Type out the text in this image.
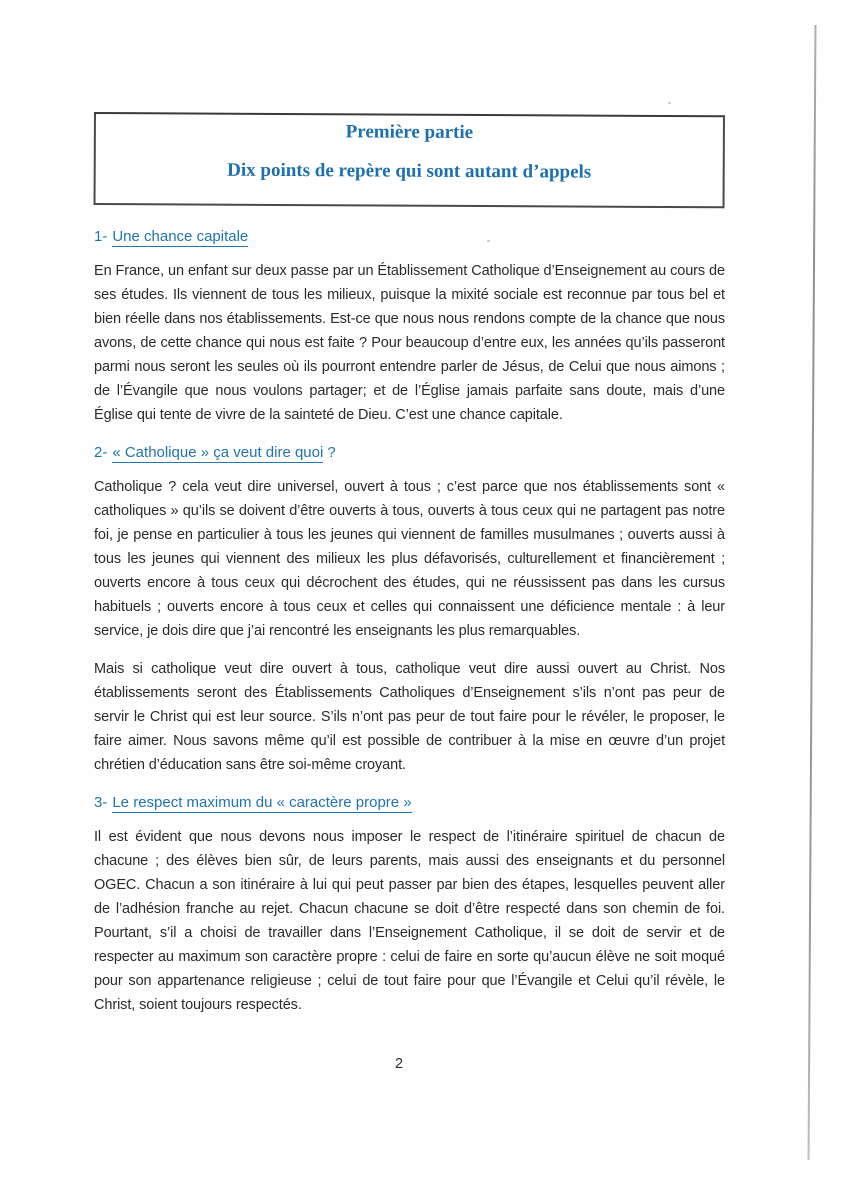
Première partie
Dix points de repère qui sont autant d’appels
1- Une chance capitale

En France, un enfant sur deux passe par un Établissement Catholique d’Enseignement au cours de ses études. Ils viennent de tous les milieux, puisque la mixité sociale est reconnue par tous bel et bien réelle dans nos établissements. Est-ce que nous nous rendons compte de la chance que nous avons, de cette chance qui nous est faite ? Pour beaucoup d’entre eux, les années qu’ils passeront parmi nous seront les seules où ils pourront entendre parler de Jésus, de Celui que nous aimons ; de l’Évangile que nous voulons partager; et de l’Église jamais parfaite sans doute, mais d’une Église qui tente de vivre de la sainteté de Dieu. C’est une chance capitale.

2- « Catholique » ça veut dire quoi ?

Catholique ? cela veut dire universel, ouvert à tous ; c’est parce que nos établissements sont « catholiques » qu’ils se doivent d’être ouverts à tous, ouverts à tous ceux qui ne partagent pas notre foi, je pense en particulier à tous les jeunes qui viennent de familles musulmanes ; ouverts aussi à tous les jeunes qui viennent des milieux les plus défavorisés, culturellement et financièrement ; ouverts encore à tous ceux qui décrochent des études, qui ne réussissent pas dans les cursus habituels ; ouverts encore à tous ceux et celles qui connaissent une déficience mentale : à leur service, je dois dire que j’ai rencontré les enseignants les plus remarquables.

Mais si catholique veut dire ouvert à tous, catholique veut dire aussi ouvert au Christ. Nos établissements seront des Établissements Catholiques d’Enseignement s’ils n’ont pas peur de servir le Christ qui est leur source. S’ils n’ont pas peur de tout faire pour le révéler, le proposer, le faire aimer. Nous savons même qu’il est possible de contribuer à la mise en œuvre d’un projet chrétien d’éducation sans être soi-même croyant.

3- Le respect maximum du « caractère propre »

Il est évident que nous devons nous imposer le respect de l’itinéraire spirituel de chacun de chacune ; des élèves bien sûr, de leurs parents, mais aussi des enseignants et du personnel OGEC. Chacun a son itinéraire à lui qui peut passer par bien des étapes, lesquelles peuvent aller de l’adhésion franche au rejet. Chacun chacune se doit d’être respecté dans son chemin de foi. Pourtant, s’il a choisi de travailler dans l’Enseignement Catholique, il se doit de servir et de respecter au maximum son caractère propre : celui de faire en sorte qu’aucun élève ne soit moqué pour son appartenance religieuse ; celui de tout faire pour que l’Évangile et Celui qu’il révèle, le Christ, soient toujours respectés.

2
